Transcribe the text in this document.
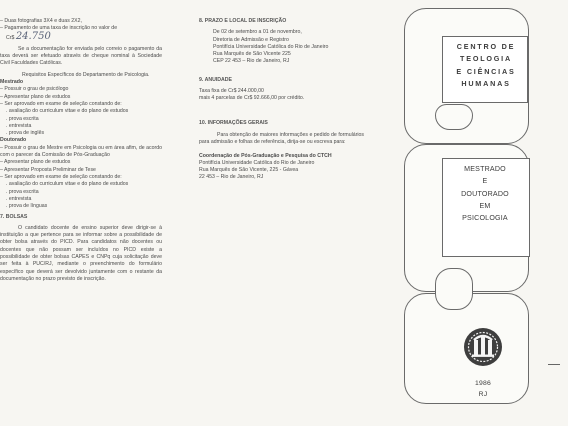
– Duas fotografias 3X4 e duas 2X2,

– Pagamento de uma taxa de inscrição no valor de

Cr$ 24.750

Se a documentação for enviada pelo correio o pagamento da taxa deverá ser efetuado através de cheque nominal à Sociedade Civil Faculdades Católicas.

Requisitos Específicos do Departamento de Psicologia.

Mestrado

– Possuir o grau de psicólogo

– Apresentar plano de estudos

– Ser aprovado em exame de seleção constando de:

. avaliação do curriculum vitae e do plano de estudos

. prova escrita

. entrevista

. prova de inglês

Doutorado

– Possuir o grau de Mestre em Psicologia ou em área afim, de acordo com o parecer da Comissão de Pós-Graduação

– Apresentar plano de estudos

– Apresentar Proposta Preliminar de Tese

– Ser aprovado em exame de seleção constando de:

. avaliação do curriculum vitae e do plano de estudos

. prova escrita

. entrevista

. prova de línguas

7. BOLSAS

O candidato docente de ensino superior deve dirigir-se à instituição a que pertence para se informar sobre a possibilidade de obter bolsa através do PICD. Para candidatos não docentes ou docentes que não possam ser incluídos no PICD existe a possibilidade de obter bolsas CAPES e CNPq cuja solicitação deve ser feita à PUC/RJ, mediante o preenchimento do formulário específico que deverá ser devolvido juntamente com o restante da documentação no prazo previsto de inscrição.

8. PRAZO E LOCAL DE INSCRIÇÃO

De 02 de setembro a 01 de novembro,

Diretoria de Admissão e Registro

Pontifícia Universidade Católica do Rio de Janeiro

Rua Marquês de São Vicente 225

CEP 22 453 – Rio de Janeiro, RJ

9. ANUIDADE

Taxa fixa de Cr$ 244.000,00

mais 4 parcelas de Cr$ 92.666,00 por crédito.

10. INFORMAÇÕES GERAIS

Para obtenção de maiores informações e pedido de formulários para admissão e folhas de referência, dirija-se ou escreva para:

Coordenação de Pós-Graduação e Pesquisa do CTCH

Pontifícia Universidade Católica do Rio de Janeiro

Rua Marquês de São Vicente, 225 - Gávea

22 453 – Rio de Janeiro, RJ

CENTRO DE
TEOLOGIA
E CIÊNCIAS
HUMANAS
MESTRADO
E
DOUTORADO
EM
PSICOLOGIA
1986
RJ
